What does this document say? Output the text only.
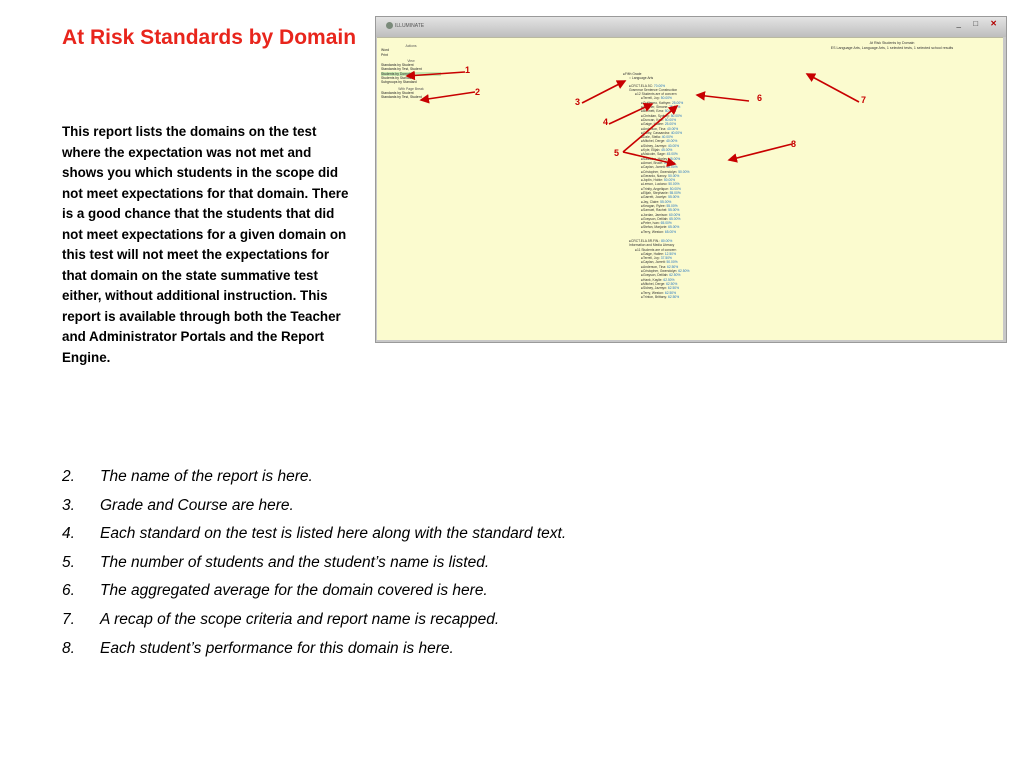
At Risk Standards by Domain
This report lists the domains on the test where the expectation was not met and shows you which students in the scope did not meet expectations for that domain. There is a good chance that the students that did not meet expectations for a given domain on this test will not meet the expectations for that domain on the state summative test either, without additional instruction. This report is available through both the Teacher and Administrator Portals and the Report Engine.
ILLUMINATE	_ □ ✕
Actions
Word
Print
View
Standards by Student
Standards by Test, Student
Students by Domain
Students by Standard
Subgroups by Standard
With Page Break
Standards by Student
Standards by Test, Student
At Risk Students by Domain
ES Language Arts, Language Arts, 1 selected tests, 1 selected school results
● Fifth Grade
○ Language Arts
● CRCT.ELA.5C: 70.00%
Grammar Sentence Construction
● 12 Students are of concern
● Terrell, Joy: 50.00%
● Guillermo, Kathym: 25.00%
● Wagner, Simone: 25.00%
● Bennett, Ezra: 50.00%
● Christian, Sydney: 50.00%
● Duncan, Kate: 50.00%
● Gaige, Hailee: 25.00%
● Anderson, Tina: 40.00%
● Colby, Cassandra: 40.00%
● Dale, Stella: 40.00%
● Mitchel, Derge: 40.00%
● Sidney, Jazmyn: 40.00%
● Kyle, Elijah: 45.00%
● Malcolm, Sage: 45.00%
● Salvador, Harley: 45.00%
● Amari, Bruce: 50.00%
● Caplan, Jarrett: 50.00%
● Cristopher, Gwendolyn: 50.00%
● Gerardo, Nancy: 50.00%
● Joplin, Hobie: 50.00%
● Lemon, Luciano: 50.00%
● Trinity, Angelique: 50.00%
● Elijah, Stephanie: 55.00%
● Garrett, Jocelyn: 55.00%
● Jay, Claire: 55.00%
● Keagan, Rylee: 55.00%
● Samuel, Rachel: 55.00%
● Jordan, Jamison: 60.00%
● Grayson, Delilah: 65.00%
● Peter, Ivan: 65.00%
● Stefan, Marjorie: 65.00%
● Terry, Weston: 65.00%
● CRCT.ELA.5R.FIN.: 80.00%
Information and Media Literacy
● 11 Students are of concern
● Gaige, Hailee: 12.50%
● Terrell, Joy: 37.50%
● Caplan, Jarrett: 50.00%
● Anderson, Tina: 62.50%
● Cristopher, Gwendolyn: 62.50%
● Grayson, Delilah: 62.50%
● Hank, Kaylie: 62.50%
● Mitchel, Derge: 62.50%
● Sidney, Jazmyn: 62.50%
● Terry, Weston: 62.50%
● Trinton, Brittany: 62.50%
1
2
3
4
5
6	7
8
2. The name of the report is here.
3. Grade and Course are here.
4. Each standard on the test is listed here along with the standard text.
5. The number of students and the student’s name is listed.
6. The aggregated average for the domain covered is here.
7. A recap of the scope criteria and report name is recapped.
8. Each student’s performance for this domain is here.
